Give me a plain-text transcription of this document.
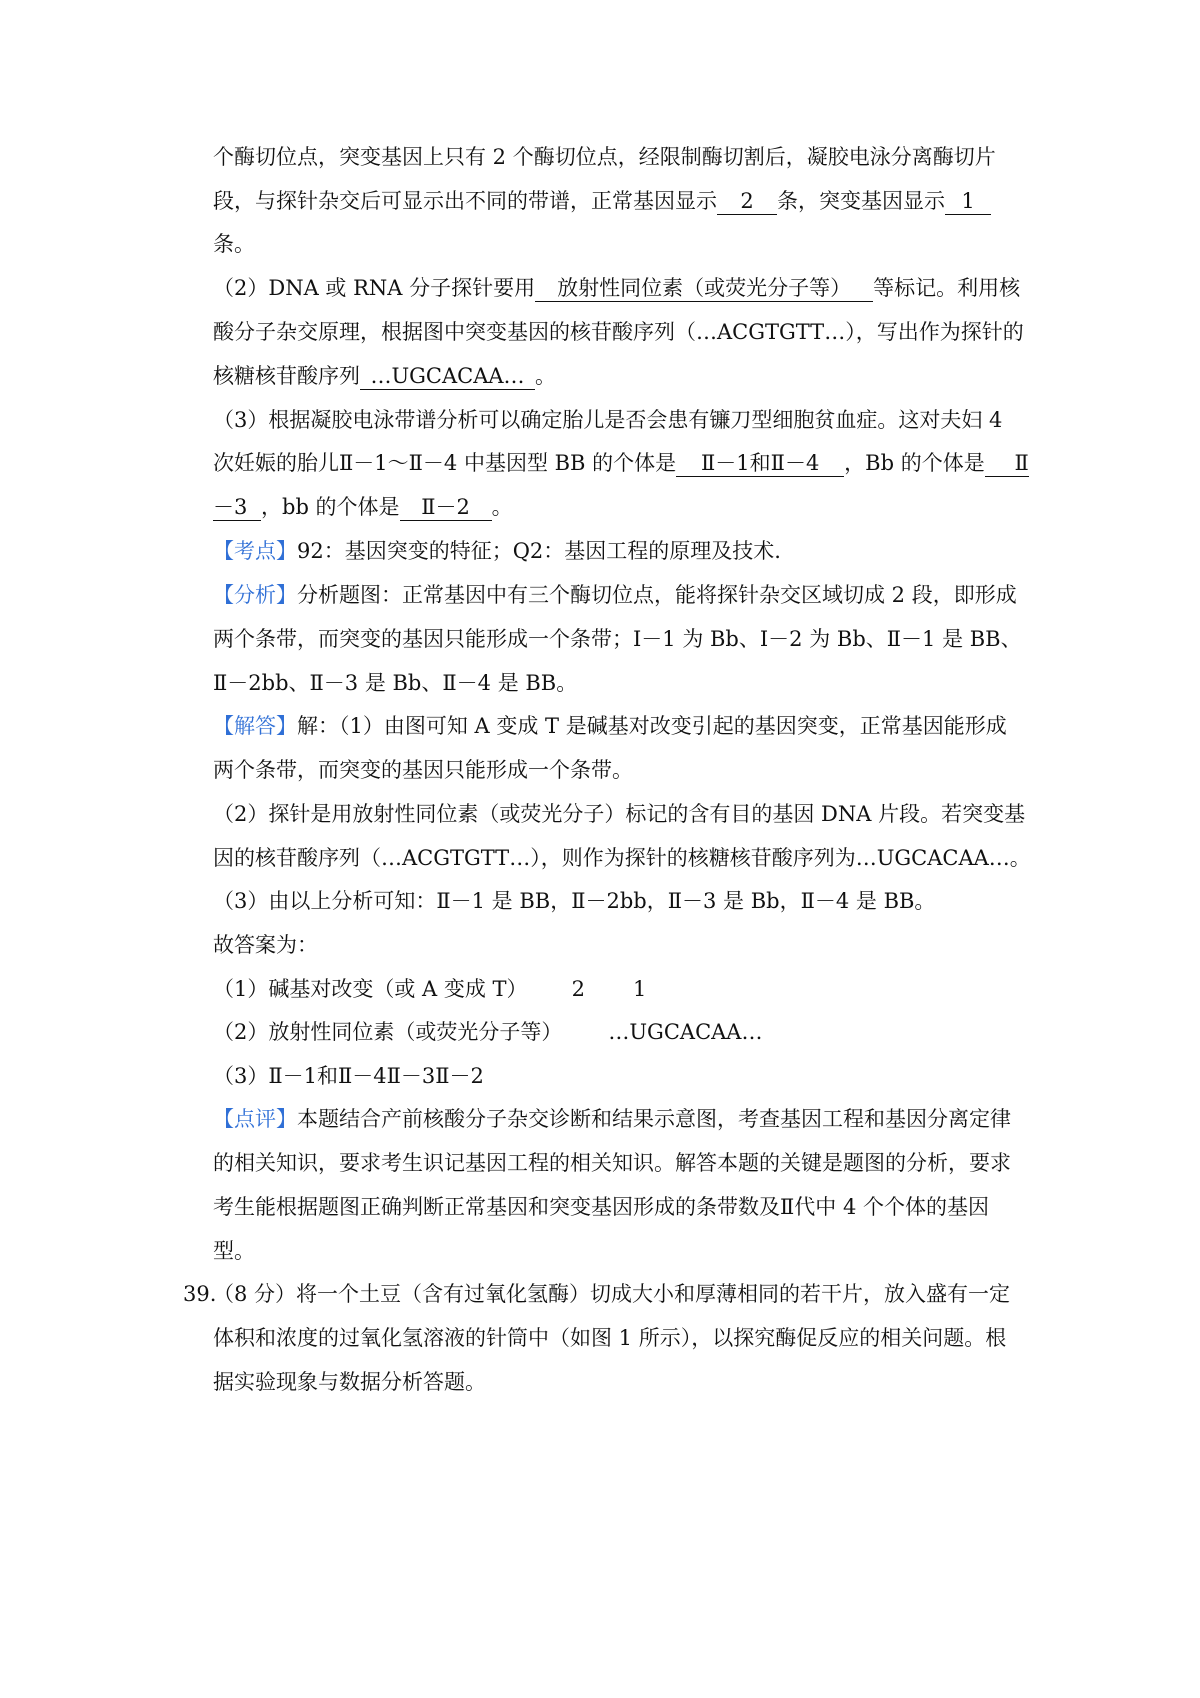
个酶切位点，突变基因上只有 2 个酶切位点，经限制酶切割后，凝胶电泳分离酶切片
段，与探针杂交后可显示出不同的带谱，正常基因显示 2 条，突变基因显示 1
条。
（2）DNA 或 RNA 分子探针要用 放射性同位素（或荧光分子等） 等标记。利用核
酸分子杂交原理，根据图中突变基因的核苷酸序列（…ACGTGTT…），写出作为探针的
核糖核苷酸序列 …UGCACAA… 。
（3）根据凝胶电泳带谱分析可以确定胎儿是否会患有镰刀型细胞贫血症。这对夫妇 4
次妊娠的胎儿Ⅱ－1～Ⅱ－4 中基因型 BB 的个体是 Ⅱ－1和Ⅱ－4 ，Bb 的个体是 Ⅱ
－3 ，bb 的个体是 Ⅱ－2 。
【考点】92：基因突变的特征；Q2：基因工程的原理及技术.
【分析】分析题图：正常基因中有三个酶切位点，能将探针杂交区域切成 2 段，即形成
两个条带，而突变的基因只能形成一个条带；Ⅰ－1 为 Bb、Ⅰ－2 为 Bb、Ⅱ－1 是 BB、
Ⅱ－2bb、Ⅱ－3 是 Bb、Ⅱ－4 是 BB。
【解答】解：（1）由图可知 A 变成 T 是碱基对改变引起的基因突变，正常基因能形成
两个条带，而突变的基因只能形成一个条带。
（2）探针是用放射性同位素（或荧光分子）标记的含有目的基因 DNA 片段。若突变基
因的核苷酸序列（…ACGTGTT…），则作为探针的核糖核苷酸序列为…UGCACAA…。
（3）由以上分析可知：Ⅱ－1 是 BB，Ⅱ－2bb，Ⅱ－3 是 Bb，Ⅱ－4 是 BB。
故答案为：
（1）碱基对改变（或 A 变成 T） 2 1
（2）放射性同位素（或荧光分子等） …UGCACAA…
（3）Ⅱ－1和Ⅱ－4Ⅱ－3Ⅱ－2
【点评】本题结合产前核酸分子杂交诊断和结果示意图，考查基因工程和基因分离定律
的相关知识，要求考生识记基因工程的相关知识。解答本题的关键是题图的分析，要求
考生能根据题图正确判断正常基因和突变基因形成的条带数及Ⅱ代中 4 个个体的基因
型。
39.
（8 分）将一个土豆（含有过氧化氢酶）切成大小和厚薄相同的若干片，放入盛有一定
体积和浓度的过氧化氢溶液的针筒中（如图 1 所示），以探究酶促反应的相关问题。根
据实验现象与数据分析答题。
